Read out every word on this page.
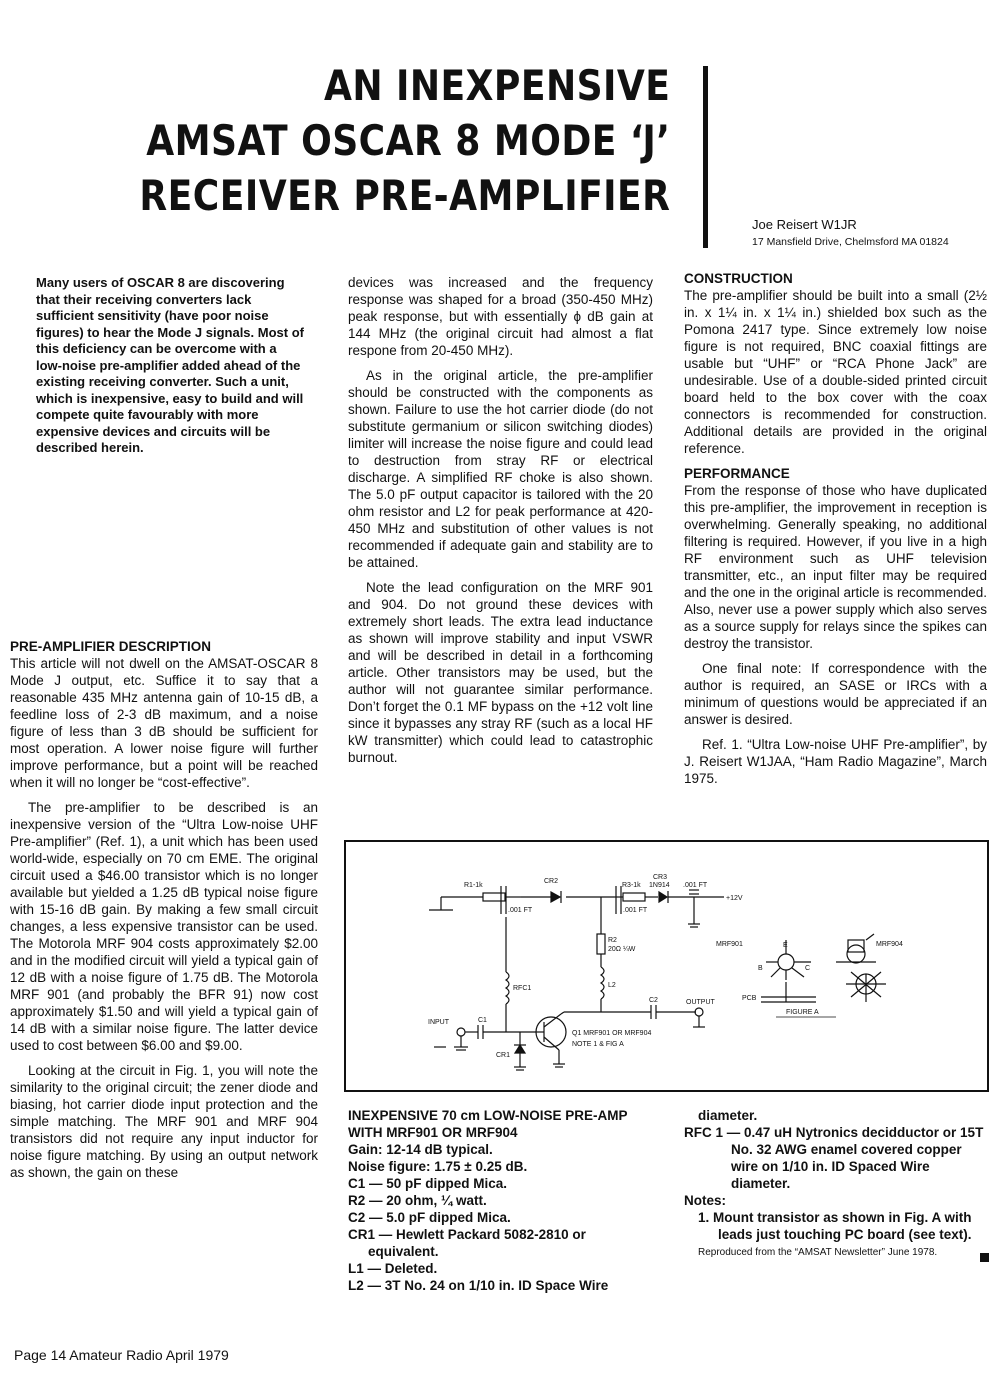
AN INEXPENSIVE
AMSAT OSCAR 8 MODE ‘J’
RECEIVER PRE-AMPLIFIER
Joe Reisert W1JR
17 Mansfield Drive, Chelmsford MA 01824

Many users of OSCAR 8 are discovering that their receiving converters lack sufficient sensitivity (have poor noise figures) to hear the Mode J signals. Most of this deficiency can be overcome with a low-noise pre-amplifier added ahead of the existing receiving converter. Such a unit, which is inexpensive, easy to build and will compete quite favourably with more expensive devices and circuits will be described herein.

PRE-AMPLIFIER DESCRIPTION

This article will not dwell on the AMSAT-OSCAR 8 Mode J output, etc. Suffice it to say that a reasonable 435 MHz antenna gain of 10-15 dB, a feedline loss of 2-3 dB maximum, and a noise figure of less than 3 dB should be sufficient for most operation. A lower noise figure will further improve performance, but a point will be reached when it will no longer be “cost-effective”.

The pre-amplifier to be described is an inexpensive version of the “Ultra Low-noise UHF Pre-amplifier” (Ref. 1), a unit which has been used world-wide, especially on 70 cm EME. The original circuit used a $46.00 transistor which is no longer available but yielded a 1.25 dB typical noise figure with 15-16 dB gain. By making a few small circuit changes, a less expensive transistor can be used. The Motorola MRF 904 costs approximately $2.00 and in the modified circuit will yield a typical gain of 12 dB with a noise figure of 1.75 dB. The Motorola MRF 901 (and probably the BFR 91) now cost approximately $1.50 and will yield a typical gain of 14 dB with a similar noise figure. The latter device used to cost between $6.00 and $9.00.

Looking at the circuit in Fig. 1, you will note the similarity to the original circuit; the zener diode and biasing, hot carrier diode input protection and the simple matching. The MRF 901 and MRF 904 transistors did not require any input inductor for noise figure matching. By using an output network as shown, the gain on these

devices was increased and the frequency response was shaped for a broad (350-450 MHz) peak response, but with essentially ϕ dB gain at 144 MHz (the original circuit had almost a flat respone from 20-450 MHz).

As in the original article, the pre-amplifier should be constructed with the components as shown. Failure to use the hot carrier diode (do not substitute germanium or silicon switching diodes) limiter will increase the noise figure and could lead to destruction from stray RF or electrical discharge. A simplified RF choke is also shown. The 5.0 pF output capacitor is tailored with the 20 ohm resistor and L2 for peak performance at 420-450 MHz and substitution of other values is not recommended if adequate gain and stability are to be attained.

Note the lead configuration on the MRF 901 and 904. Do not ground these devices with extremely short leads. The extra lead inductance as shown will improve stability and input VSWR and will be described in detail in a forthcoming article. Other transistors may be used, but the author will not guarantee similar performance. Don’t forget the 0.1 MF bypass on the +12 volt line since it bypasses any stray RF (such as a local HF kW transmitter) which could lead to catastrophic burnout.

CONSTRUCTION

The pre-amplifier should be built into a small (2½ in. x 1¼ in. x 1¼ in.) shielded box such as the Pomona 2417 type. Since extremely low noise figure is not required, BNC coaxial fittings are usable but “UHF” or “RCA Phone Jack” are undesirable. Use of a double-sided printed circuit board held to the box cover with the coax connectors is recommended for construction. Additional details are provided in the original reference.

PERFORMANCE

From the response of those who have duplicated this pre-amplifier, the improvement in reception is overwhelming. Generally speaking, no additional filtering is required. However, if you live in a high RF environment such as UHF television transmitter, etc., an input filter may be required and the one in the original article is recommended. Also, never use a power supply which also serves as a source supply for relays since the spikes can destroy the transistor.

One final note: If correspondence with the author is required, an SASE or IRCs with a minimum of questions would be appreciated if an answer is desired.

Ref. 1. “Ultra Low-noise UHF Pre-amplifier”, by J. Reisert W1JAA, “Ham Radio Magazine”, March 1975.

R1-1k
CR2
R3-1k
CR3
1N914
.001 FT	.001 FT
.001 FT
+12V
R2
20Ω ¼W
RFC1	L2
C1
C2
INPUT
OUTPUT
CR1
Q1 MRF901 OR MRF904
NOTE 1 & FIG A
MRF901	MRF904
E
B	C
PCB
FIGURE A

INEXPENSIVE 70 cm LOW-NOISE PRE-AMP WITH MRF901 OR MRF904

Gain: 12-14 dB typical.

Noise figure: 1.75 ± 0.25 dB.

C1 — 50 pF dipped Mica.

R2 — 20 ohm, ¼ watt.

C2 — 5.0 pF dipped Mica.

CR1 — Hewlett Packard 5082-2810 or equivalent.

L1 — Deleted.

L2 — 3T No. 24 on 1/10 in. ID Space Wire

diameter.

RFC 1 — 0.47 uH Nytronics decidductor or 15T No. 32 AWG enamel covered copper wire on 1/10 in. ID Spaced Wire diameter.

Notes:

1. Mount transistor as shown in Fig. A with leads just touching PC board (see text).

Reproduced from the “AMSAT Newsletter” June 1978.

Page 14 Amateur Radio April 1979
